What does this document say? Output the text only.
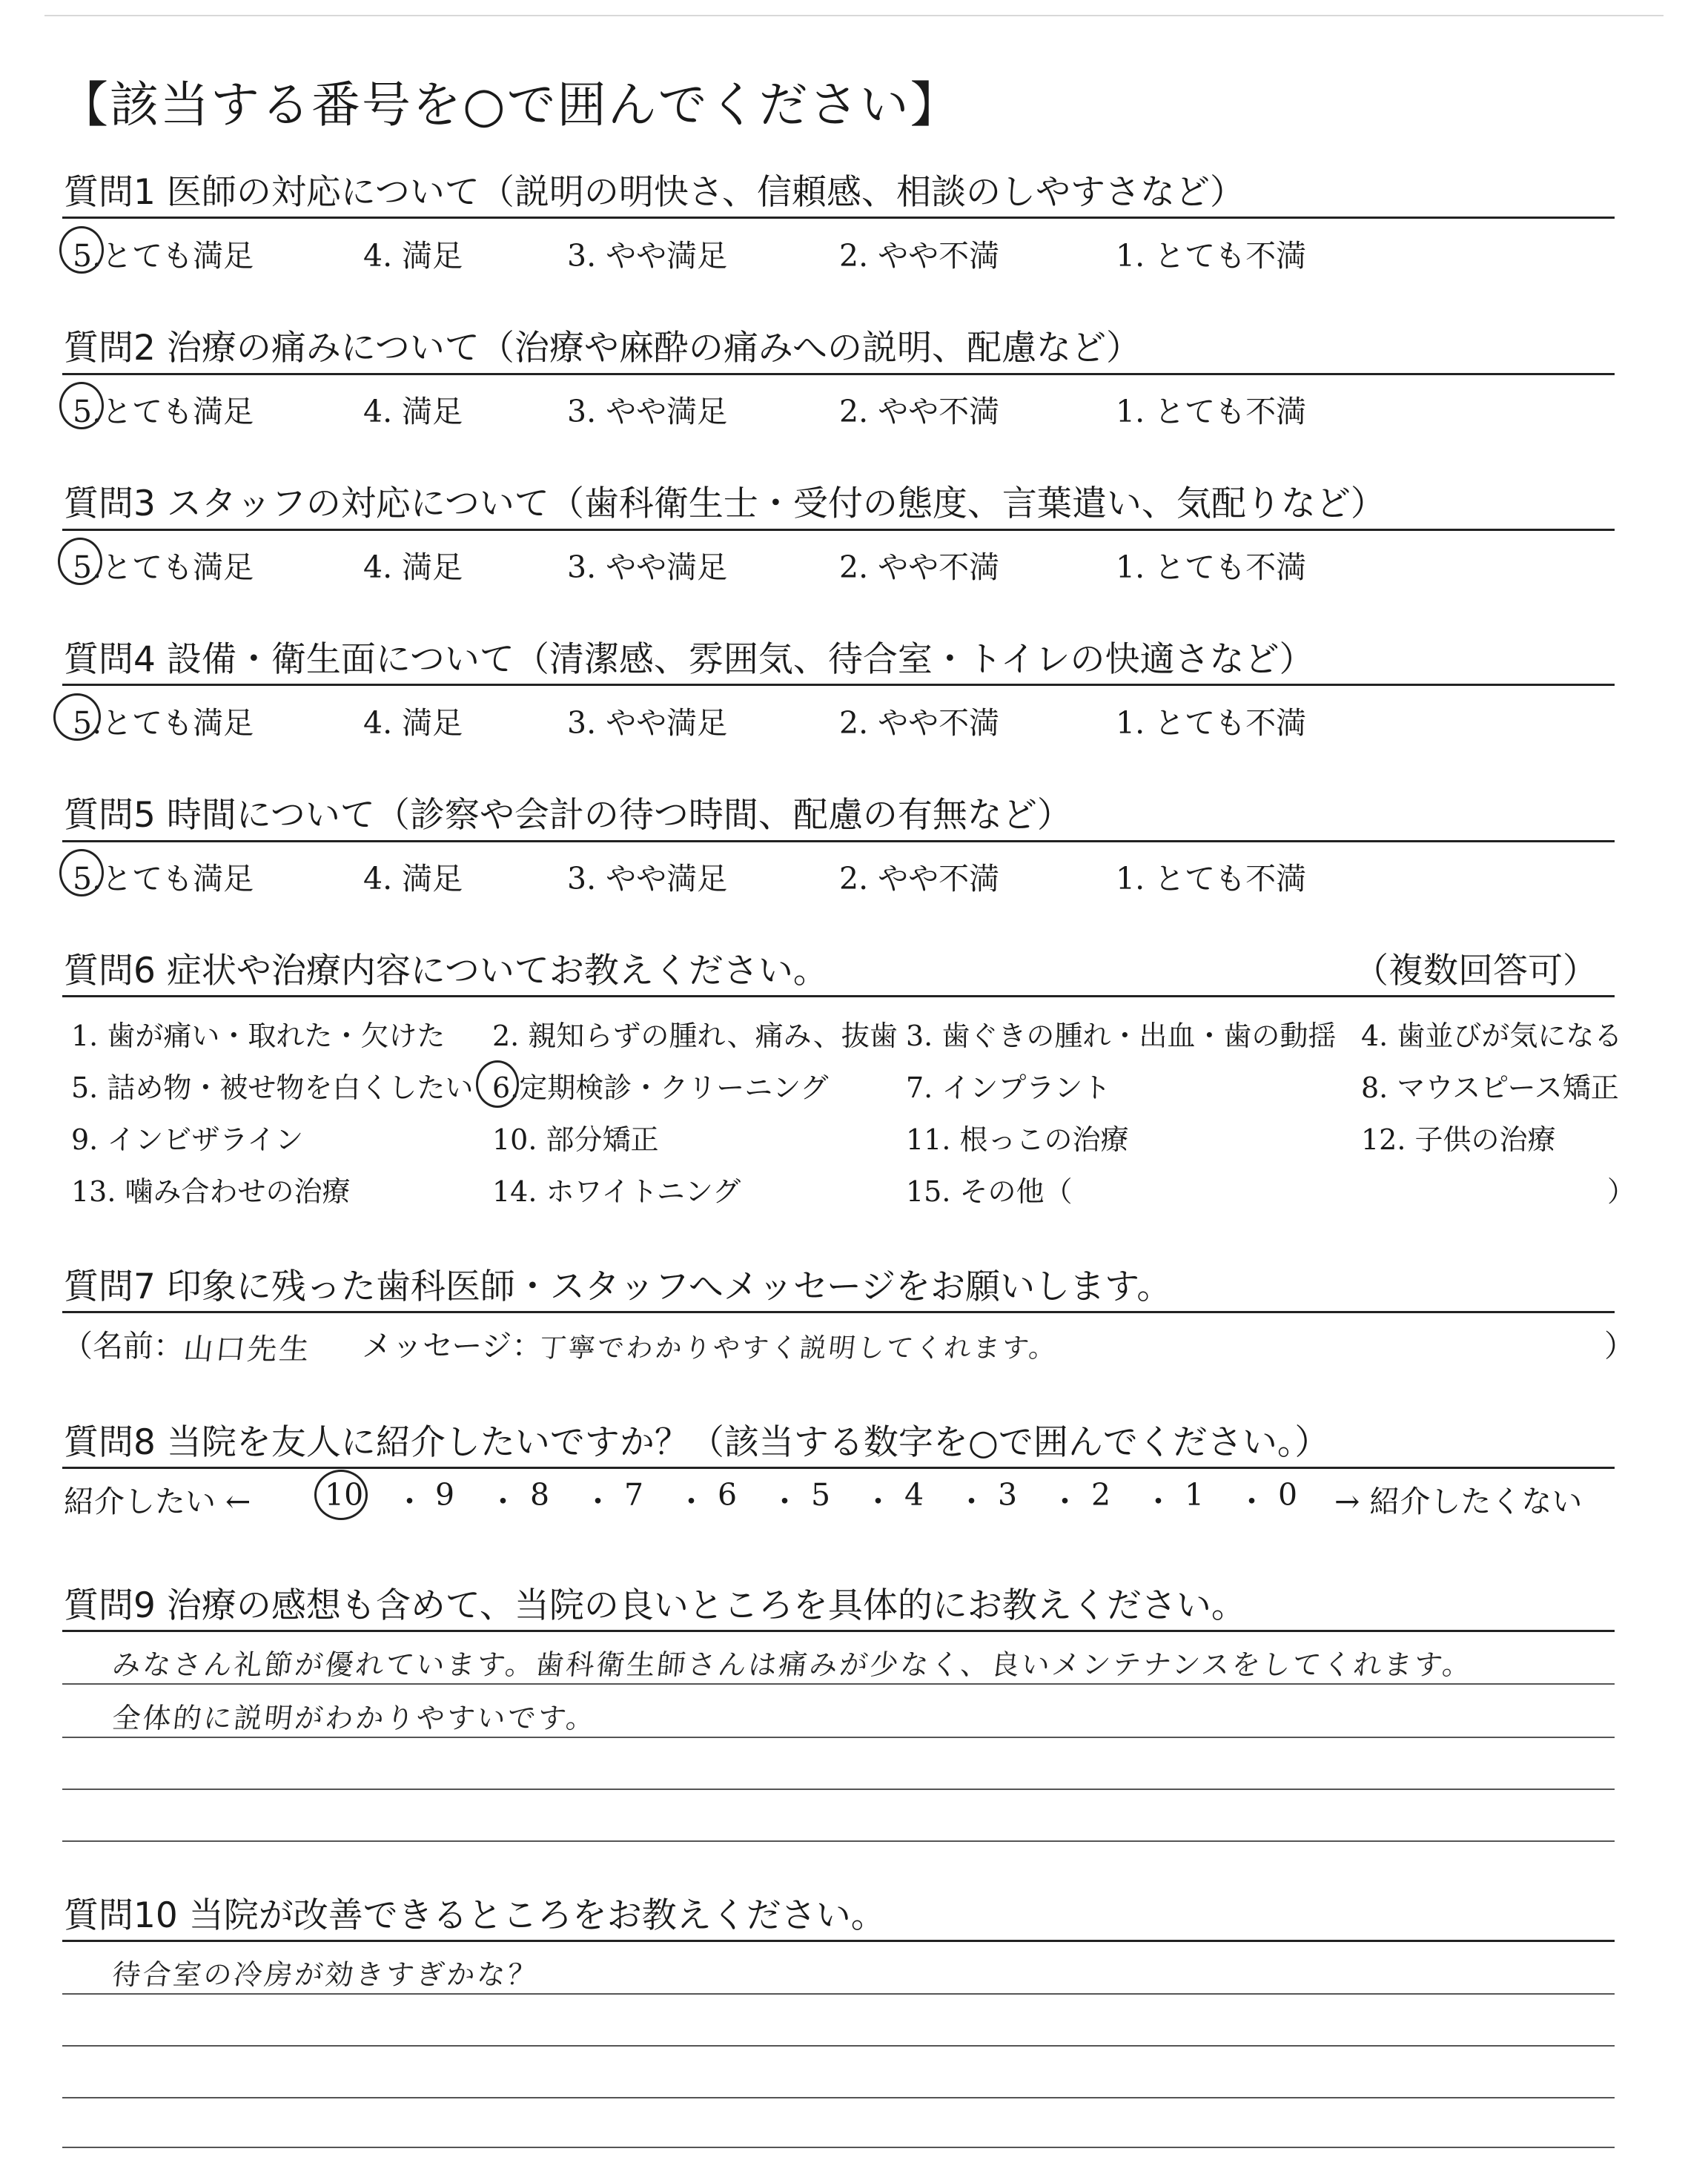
【該当する番号を○で囲んでください】
質問1 医師の対応について（説明の明快さ、信頼感、相談のしやすさなど）
5.とても満足	4. 満足	3. やや満足	2. やや不満	1. とても不満
質問2 治療の痛みについて（治療や麻酔の痛みへの説明、配慮など）
5.とても満足	4. 満足	3. やや満足	2. やや不満	1. とても不満
質問3 スタッフの対応について（歯科衛生士・受付の態度、言葉遣い、気配りなど）
5.とても満足	4. 満足	3. やや満足	2. やや不満	1. とても不満
質問4 設備・衛生面について（清潔感、雰囲気、待合室・トイレの快適さなど）
5.とても満足	4. 満足	3. やや満足	2. やや不満	1. とても不満
質問5 時間について（診察や会計の待つ時間、配慮の有無など）
5.とても満足	4. 満足	3. やや満足	2. やや不満	1. とても不満
質問6 症状や治療内容についてお教えください。	（複数回答可）
1. 歯が痛い・取れた・欠けた 2. 親知らずの腫れ、痛み、抜歯 3. 歯ぐきの腫れ・出血・歯の動揺 4. 歯並びが気になる
5. 詰め物・被せ物を白くしたい 6.定期検診・クリーニング	7. インプラント	8. マウスピース矯正
9. インビザライン	10. 部分矯正	11. 根っこの治療	12. 子供の治療
13. 噛み合わせの治療	14. ホワイトニング	15. その他（	）
質問7 印象に残った歯科医師・スタッフへメッセージをお願いします。
（名前：
山口先生 メッセージ：
丁寧でわかりやすく説明してくれます。	）
質問8 当院を友人に紹介したいですか？（該当する数字を○で囲んでください。）
紹介したい ← 10 ・ 9 ・ 8 ・ 7 ・ 6 ・ 5 ・ 4 ・ 3 ・ 2 ・ 1 ・ 0 → 紹介したくない
質問9 治療の感想も含めて、当院の良いところを具体的にお教えください。
みなさん礼節が優れています。歯科衛生師さんは痛みが少なく、良いメンテナンスをしてくれます。
全体的に説明がわかりやすいです。
質問10 当院が改善できるところをお教えください。
待合室の冷房が効きすぎかな？
